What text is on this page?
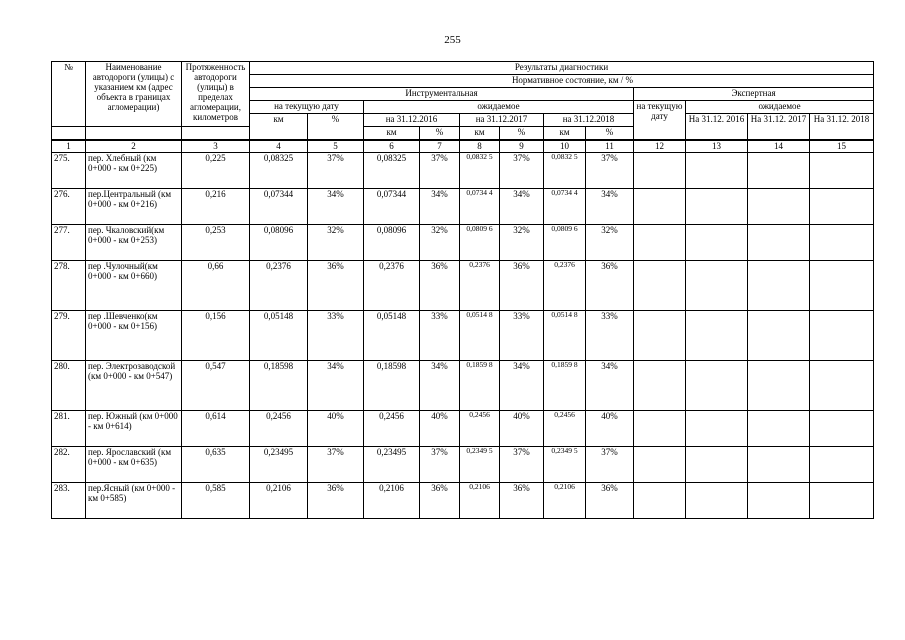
255
№	Наименование автодороги (улицы) с указанием км (адрес объекта в границах агломерации)	Протяженность автодороги (улицы) в пределах агломерации, километров	Результаты диагностики											
			Нормативное состояние, км / %											
			Инструментальная								Экспертная			
			на текущую дату		ожидаемое						на текущую дату	ожидаемое		
			км	%	на 31.12.2016		на 31.12.2017		на 31.12.2018			На 31.12. 2016	На 31.12. 2017	На 31.12. 2018
					км	%	км	%	км	%				
1	2	3	4	5	6	7	8	9	10	11	12	13	14	15
275.	пер. Хлебный (км 0+000 - км 0+225)	0,225	0,08325	37%	0,08325	37%	0,0832 5	37%	0,0832 5	37%				
276.	пер.Центральный (км 0+000 - км 0+216)	0,216	0,07344	34%	0,07344	34%	0,0734 4	34%	0,0734 4	34%				
277.	пер. Чкаловский(км 0+000 - км 0+253)	0,253	0,08096	32%	0,08096	32%	0,0809 6	32%	0,0809 6	32%				
278.	пер .Чулочный(км 0+000 - км 0+660)	0,66	0,2376	36%	0,2376	36%	0,2376	36%	0,2376	36%				
279.	пер .Шевченко(км 0+000 - км 0+156)	0,156	0,05148	33%	0,05148	33%	0,0514 8	33%	0,0514 8	33%				
280.	пер. Электрозаводской (км 0+000 - км 0+547)	0,547	0,18598	34%	0,18598	34%	0,1859 8	34%	0,1859 8	34%				
281.	пер. Южный (км 0+000 - км 0+614)	0,614	0,2456	40%	0,2456	40%	0,2456	40%	0,2456	40%				
282.	пер. Ярославский (км 0+000 - км 0+635)	0,635	0,23495	37%	0,23495	37%	0,2349 5	37%	0,2349 5	37%				
283.	пер.Ясный (км 0+000 - км 0+585)	0,585	0,2106	36%	0,2106	36%	0,2106	36%	0,2106	36%				
